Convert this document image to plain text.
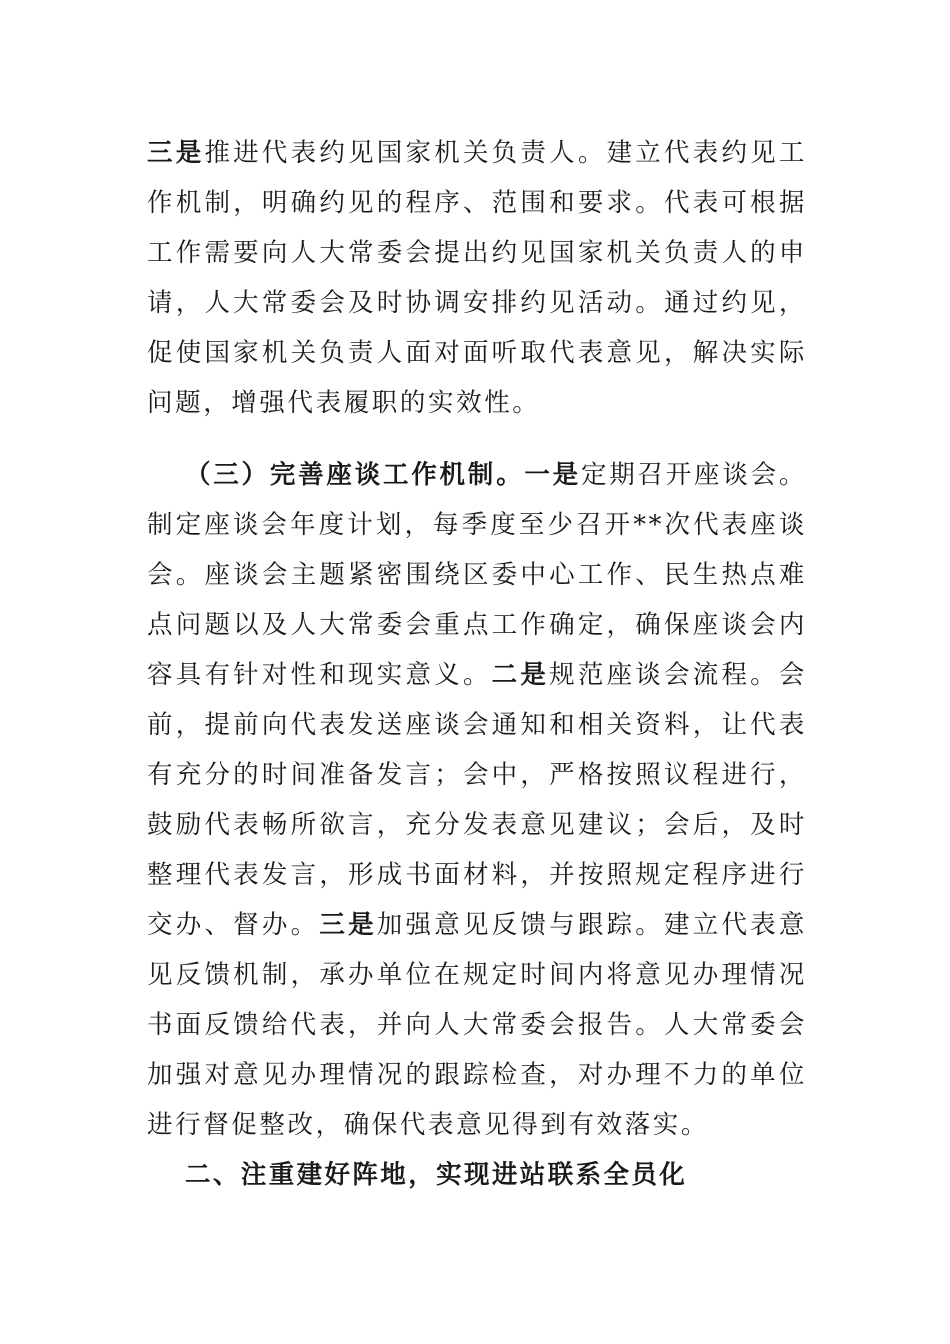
三是推进代表约见国家机关负责人。建立代表约见工作机制，明确约见的程序、范围和要求。代表可根据工作需要向人大常委会提出约见国家机关负责人的申请，人大常委会及时协调安排约见活动。通过约见，促使国家机关负责人面对面听取代表意见，解决实际问题，增强代表履职的实效性。

（三）完善座谈工作机制。一是定期召开座谈会。制定座谈会年度计划，每季度至少召开**次代表座谈会。座谈会主题紧密围绕区委中心工作、民生热点难点问题以及人大常委会重点工作确定，确保座谈会内容具有针对性和现实意义。二是规范座谈会流程。会前，提前向代表发送座谈会通知和相关资料，让代表有充分的时间准备发言；会中，严格按照议程进行，鼓励代表畅所欲言，充分发表意见建议；会后，及时整理代表发言，形成书面材料，并按照规定程序进行交办、督办。三是加强意见反馈与跟踪。建立代表意见反馈机制，承办单位在规定时间内将意见办理情况书面反馈给代表，并向人大常委会报告。人大常委会加强对意见办理情况的跟踪检查，对办理不力的单位进行督促整改，确保代表意见得到有效落实。

二、注重建好阵地，实现进站联系全员化
